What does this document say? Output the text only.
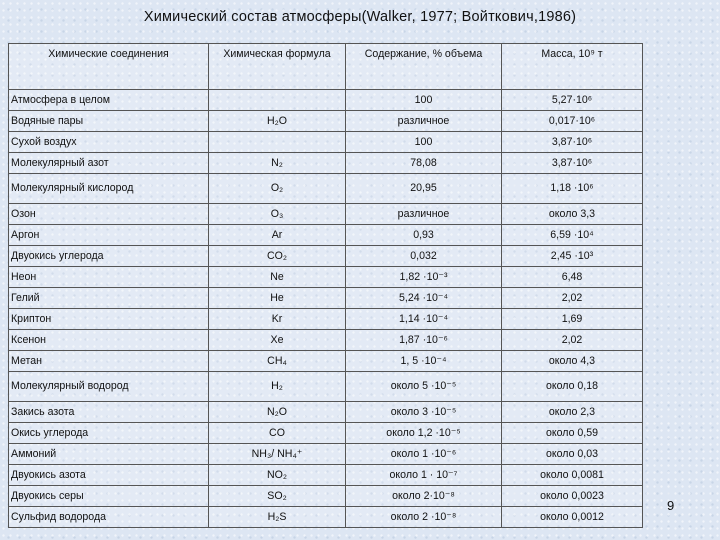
Химический состав атмосферы(Walker, 1977; Войткович,1986)
Химические соединения	Химическая формула	Содержание, % объема	Масса, 10⁹ т
Атмосфера в целом		100	5,27·10⁶
Водяные пары	H₂O	различное	0,017·10⁶
Сухой воздух		100	3,87·10⁶
Молекулярный азот	N₂	78,08	3,87·10⁶
Молекулярный кислород	O₂	20,95	1,18 ·10⁶
Озон	O₃	различное	около 3,3
Аргон	Ar	0,93	6,59 ·10⁴
Двуокись углерода	CO₂	0,032	2,45 ·10³
Неон	Ne	1,82 ·10⁻³	6,48
Гелий	He	5,24 ·10⁻⁴	2,02
Криптон	Kr	1,14 ·10⁻⁴	1,69
Ксенон	Xe	1,87 ·10⁻⁶	2,02
Метан	CH₄	1, 5 ·10⁻⁴	около 4,3
Молекулярный водород	H₂	около 5 ·10⁻⁵	около 0,18
Закись азота	N₂O	около 3 ·10⁻⁵	около 2,3
Окись углерода	CO	около 1,2 ·10⁻⁵	около 0,59
Аммоний	NH₃/ NH₄⁺	около 1 ·10⁻⁶	около 0,03
Двуокись азота	NO₂	около 1 · 10⁻⁷	около 0,0081
Двуокись серы	SO₂	около 2·10⁻⁸	около 0,0023
Сульфид водорода	H₂S	около 2 ·10⁻⁸	около 0,0012
9
